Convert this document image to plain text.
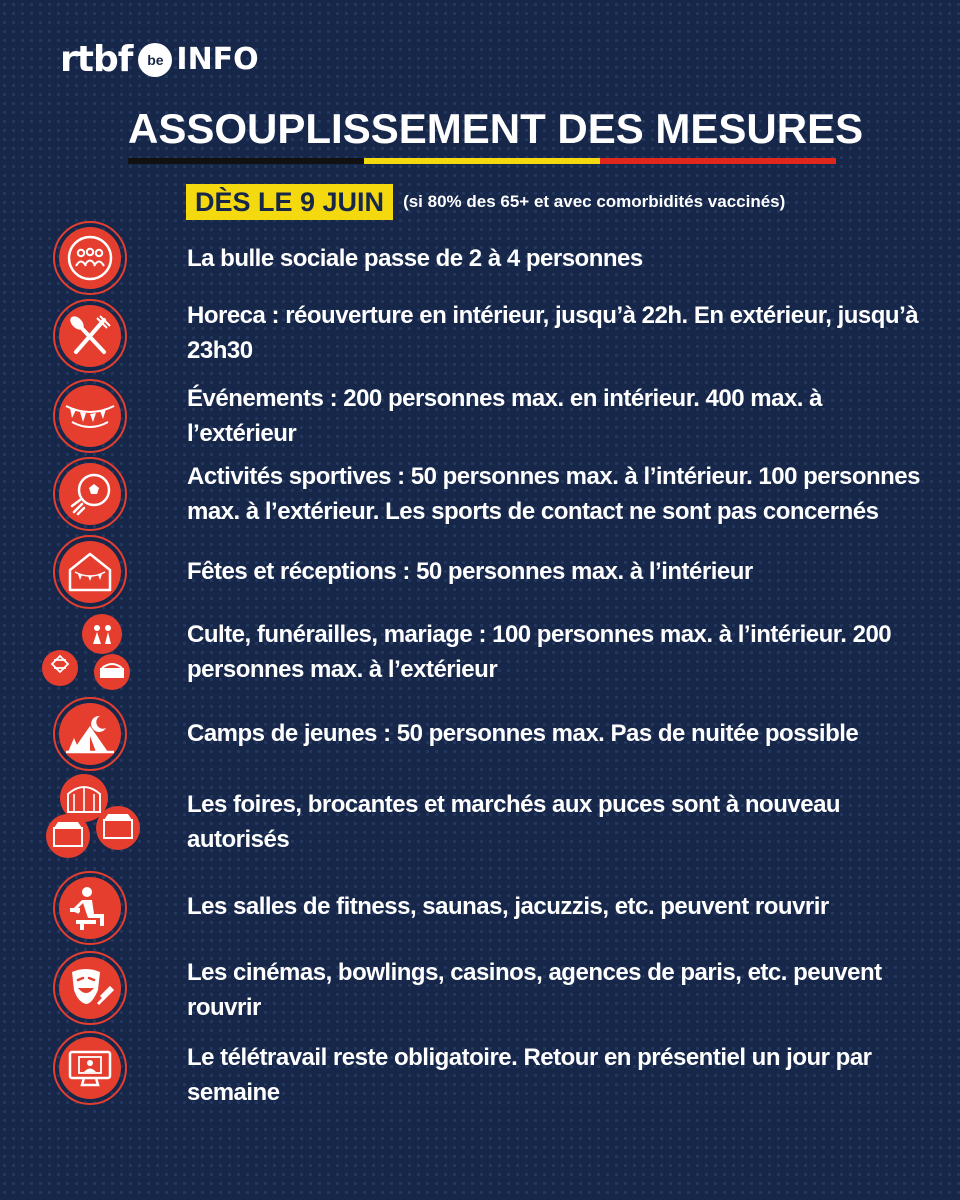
rtbf	be INFO
ASSOUPLISSEMENT DES MESURES
DÈS LE 9 JUIN	(si 80% des 65+ et avec comorbidités vaccinés)
La bulle sociale passe de 2 à 4 personnes
Horeca : réouverture en intérieur, jusqu’à 22h. En extérieur, jusqu’à 23h30
Événements : 200 personnes max. en intérieur. 400 max. à l’extérieur
Activités sportives : 50 personnes max. à l’intérieur. 100 personnes max. à l’extérieur. Les sports de contact ne sont pas concernés
Fêtes et réceptions : 50 personnes max. à l’intérieur
Culte, funérailles, mariage : 100 personnes max. à l’intérieur. 200 personnes max. à l’extérieur
Camps de jeunes : 50 personnes max. Pas de nuitée possible
Les foires, brocantes et marchés aux puces sont à nouveau autorisés
Les salles de fitness, saunas, jacuzzis, etc. peuvent rouvrir
Les cinémas, bowlings, casinos, agences de paris, etc. peuvent rouvrir
Le télétravail reste obligatoire. Retour en présentiel un jour par semaine
